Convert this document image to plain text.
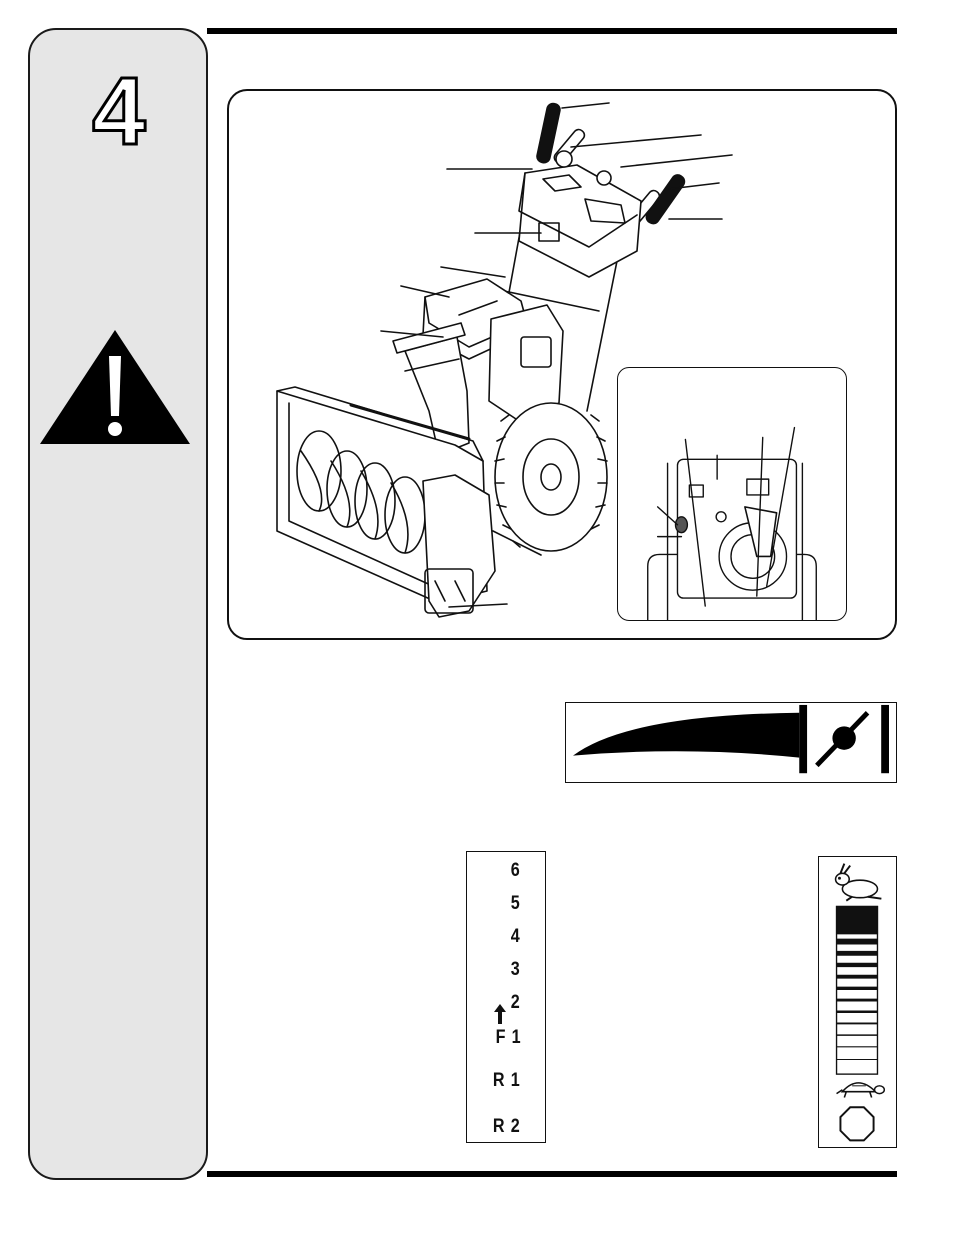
4
6
5
4
3
2
F 1
R 1
R 2
